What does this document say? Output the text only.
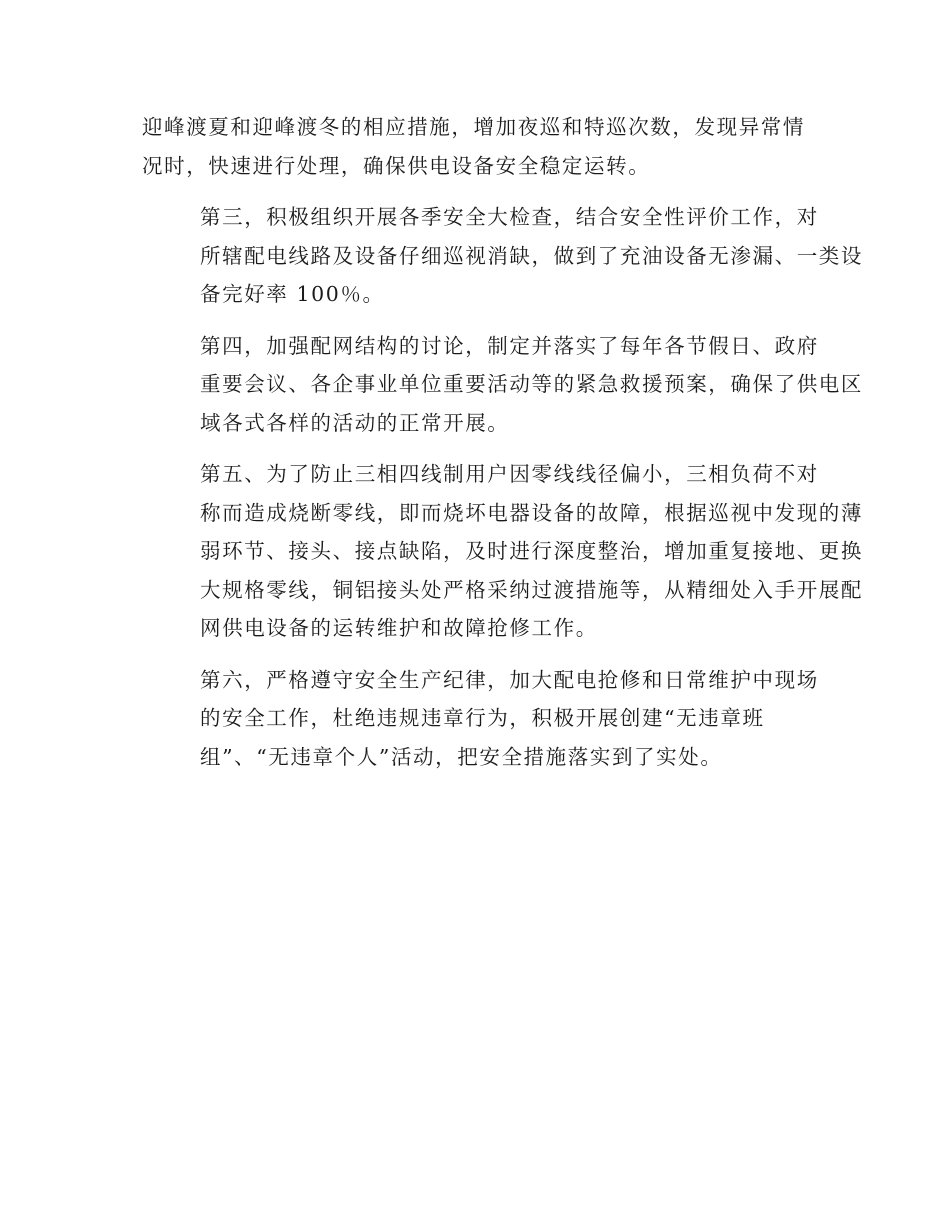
迎峰渡夏和迎峰渡冬的相应措施，增加夜巡和特巡次数，发现异常情
况时，快速进行处理，确保供电设备安全稳定运转。

第三，积极组织开展各季安全大检查，结合安全性评价工作，对
所辖配电线路及设备仔细巡视消缺，做到了充油设备无渗漏、一类设
备完好率 100％。

第四，加强配网结构的讨论，制定并落实了每年各节假日、政府
重要会议、各企事业单位重要活动等的紧急救援预案，确保了供电区
域各式各样的活动的正常开展。

第五、为了防止三相四线制用户因零线线径偏小，三相负荷不对
称而造成烧断零线，即而烧坏电器设备的故障，根据巡视中发现的薄
弱环节、接头、接点缺陷，及时进行深度整治，增加重复接地、更换
大规格零线，铜铝接头处严格采纳过渡措施等，从精细处入手开展配
网供电设备的运转维护和故障抢修工作。

第六，严格遵守安全生产纪律，加大配电抢修和日常维护中现场
的安全工作，杜绝违规违章行为，积极开展创建“无违章班
组”、“无违章个人”活动，把安全措施落实到了实处。
